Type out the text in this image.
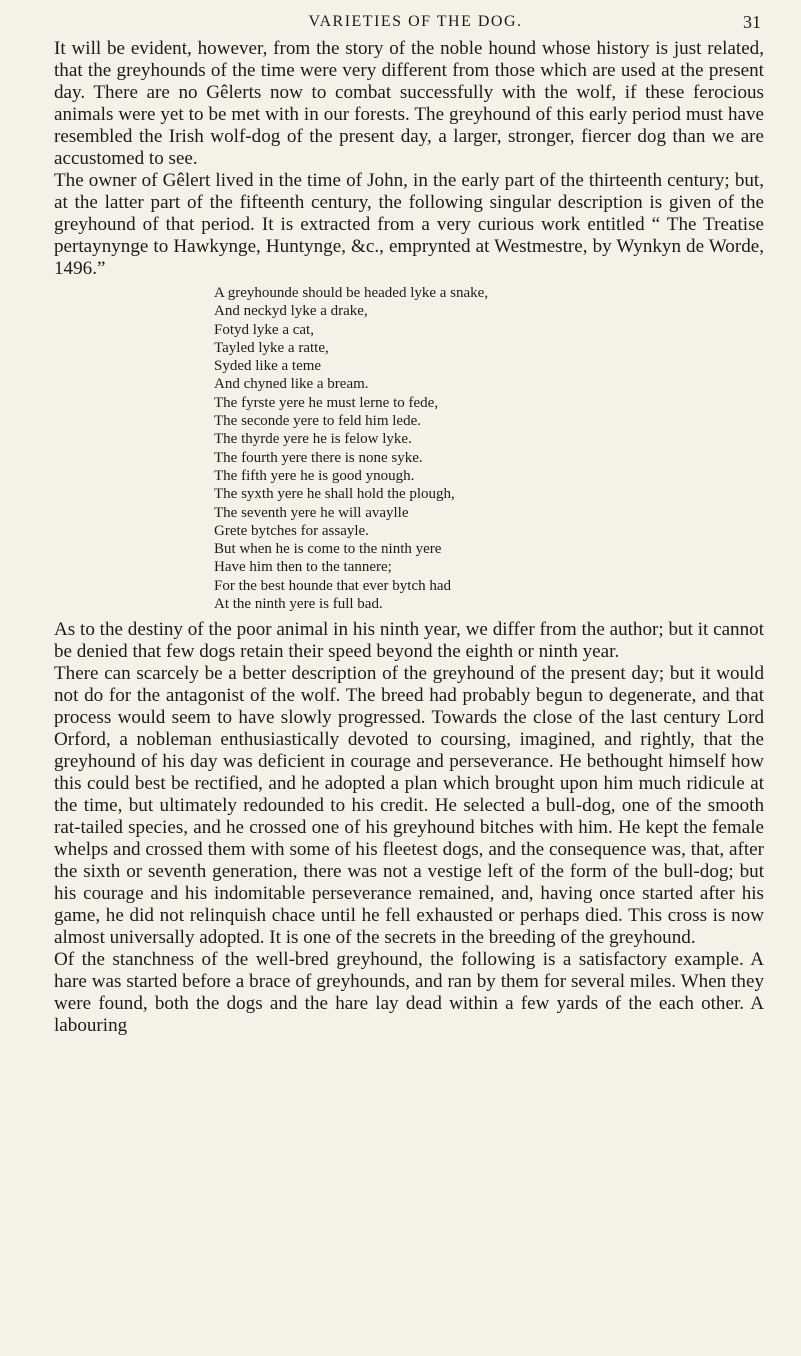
VARIETIES OF THE DOG.	31

It will be evident, however, from the story of the noble hound whose history is just related, that the greyhounds of the time were very different from those which are used at the present day. There are no Gêlerts now to combat successfully with the wolf, if these ferocious animals were yet to be met with in our forests. The greyhound of this early period must have resembled the Irish wolf-dog of the present day, a larger, stronger, fiercer dog than we are accustomed to see.

The owner of Gêlert lived in the time of John, in the early part of the thirteenth century; but, at the latter part of the fifteenth century, the following singular description is given of the greyhound of that period. It is extracted from a very curious work entitled “ The Treatise pertaynynge to Hawkynge, Huntynge, &c., emprynted at Westmestre, by Wynkyn de Worde, 1496.”

A greyhounde should be headed lyke a snake,
And neckyd lyke a drake,
Fotyd lyke a cat,
Tayled lyke a ratte,
Syded like a teme
And chyned like a bream.
The fyrste yere he must lerne to fede,
The seconde yere to feld him lede.
The thyrde yere he is felow lyke.
The fourth yere there is none syke.
The fifth yere he is good ynough.
The syxth yere he shall hold the plough,
The seventh yere he will avaylle
Grete bytches for assayle.
But when he is come to the ninth yere
Have him then to the tannere;
For the best hounde that ever bytch had
At the ninth yere is full bad.

As to the destiny of the poor animal in his ninth year, we differ from the author; but it cannot be denied that few dogs retain their speed beyond the eighth or ninth year.

There can scarcely be a better description of the greyhound of the present day; but it would not do for the antagonist of the wolf. The breed had probably begun to degenerate, and that process would seem to have slowly progressed. Towards the close of the last century Lord Orford, a nobleman enthusiastically devoted to coursing, imagined, and rightly, that the greyhound of his day was deficient in courage and perseverance. He bethought himself how this could best be rectified, and he adopted a plan which brought upon him much ridicule at the time, but ultimately redounded to his credit. He selected a bull-dog, one of the smooth rat-tailed species, and he crossed one of his greyhound bitches with him. He kept the female whelps and crossed them with some of his fleetest dogs, and the consequence was, that, after the sixth or seventh generation, there was not a vestige left of the form of the bull-dog; but his courage and his indomitable perseverance remained, and, having once started after his game, he did not relinquish chace until he fell exhausted or perhaps died. This cross is now almost universally adopted. It is one of the secrets in the breeding of the greyhound.

Of the stanchness of the well-bred greyhound, the following is a satisfactory example. A hare was started before a brace of greyhounds, and ran by them for several miles. When they were found, both the dogs and the hare lay dead within a few yards of the each other. A labouring
